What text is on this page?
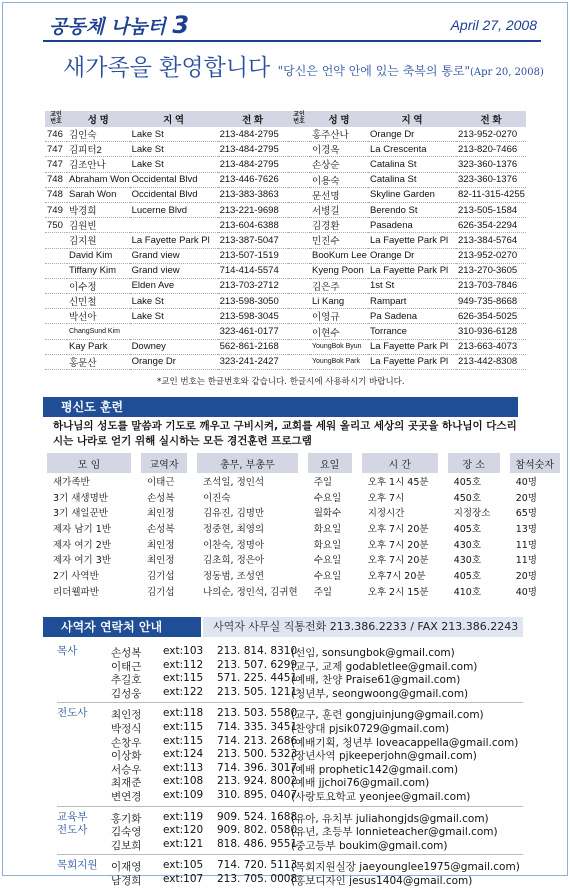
공동체 나눔터 3	April 27, 2008
새가족을 환영합니다 "당신은 언약 안에 있는 축복의 통로"(Apr 20, 2008)
교인
번호	성 명	지 역	전 화
746	김인숙	Lake St	213-484-2795
747	김피터2	Lake St	213-484-2795
747	김조안나	Lake St	213-484-2795
748	Abraham Won	Occidental Blvd	213-446-7626
748	Sarah Won	Occidental Blvd	213-383-3863
749	박경희	Lucerne Blvd	213-221-9698
750	김원빈		213-604-6388
	김지원	La Fayette Park Pl	213-387-5047
	David Kim	Grand view	213-507-1519
	Tiffany Kim	Grand view	714-414-5574
	이수정	Elden Ave	213-703-2712
	신민철	Lake St	213-598-3050
	박선아	Lake St	213-598-3045
	ChangSund Kim		323-461-0177
	Kay Park	Downey	562-861-2168
	홍문산	Orange Dr	323-241-2427
교인
번호	성 명	지 역	전 화
	홍주산나	Orange Dr	213-952-0270
	이경옥	La Crescenta	213-820-7466
	손상순	Catalina St	323-360-1376
	이용숙	Catalina St	323-360-1376
	문선명	Skyline Garden	82-11-315-4255
	서병길	Berendo St	213-505-1584
	김경환	Pasadena	626-354-2294
	민진수	La Fayette Park Pl	213-384-5764
	BooKum Lee	Orange Dr	213-952-0270
	Kyeng Poon	La Fayette Park Pl	213-270-3605
	김은주	1st St	213-703-7846
	Li Kang	Rampart	949-735-8668
	이영규	Pa Sadena	626-354-5025
	이현수	Torrance	310-936-6128
	YoungBok Byun	La Fayette Park Pl	213-663-4073
	YoungBok Park	La Fayette Park Pl	213-442-8308
*교인 번호는 한글번호와 같습니다. 한글시에 사용하시기 바랍니다.
평신도 훈련
하나님의 성도를 말씀과 기도로 깨우고 구비시켜, 교회를 세워 올리고 세상의 곳곳을 하나님이 다스리시는 나라로 얻기 위해 실시하는 모든 경건훈련 프로그램
모 임		교역자		총무, 부총무		요일		시 간		장 소		참석숫자
새가족반		이태근		조석일, 정인석		주일		오후 1시 45분		405호		40명
3기 새생명반		손성복		이진숙		수요일		오후 7시		450호		20명
3기 새일꾼반		최인정		김유진, 김명만		월화수		지정시간		지정장소		65명
제자 남기 1반		손성복		정중현, 최영의		화요일		오후 7시 20분		405호		13명
제자 여기 2반		최인정		이찬숙, 정명아		화요일		오후 7시 20분		430호		11명
제자 여기 3반		최인정		김초희, 정은아		수요일		오후 7시 20분		430호		11명
2기 사역반		김기섭		정동범, 조성연		수요일		오후7시 20분		405호		20명
리더웰파반		김기섭		나의순, 정인석, 김귀현		주일		오후 2시 15분		410호		40명
사역자 연락처 안내	사역자 사무실 직통전화 213.386.2233 / FAX 213.386.2243
목사	손성복 ext:103 213. 814. 8310
(선임, sonsungbok@gmail.com)
이태근 ext:112 213. 507. 6299
(교구, 교제 godabletlee@gmail.com)
추길호 ext:115 571. 225. 4451
(예배, 찬양 Praise61@gmail.com)
김성웅 ext:122 213. 505. 1211
(청년부, seongwoong@gmail.com)
전도사 최인정 ext:118 213. 503. 5580
(교구, 훈련 gongjuinjung@gmail.com)
박정식 ext:115 714. 335. 3451
(찬양대 pjsik0729@gmail.com)
손창우 ext:115 714. 213. 2686
(예배기획, 청년부 loveacappella@gmail.com)
이상화 ext:124 213. 500. 5323
(장년사역 pjkeeperjohn@gmail.com)
서승우 ext:113 714. 396. 3017
(예배 prophetic142@gmail.com)
최재준 ext:108 213. 924. 8002
(예배 jjchoi76@gmail.com)
변연경 ext:109 310. 895. 0407
(사랑토요학교 yeonjee@gmail.com)
교육부
전도사
홍기화 ext:119 909. 524. 1688
(유아, 유치부 juliahongjds@gmail.com)
김숙영 ext:120 909. 802. 0580
(유년, 초등부 lonnieteacher@gmail.com)
김보희 ext:121 818. 486. 9551
(중고등부 boukim@gmail.com)
목회지원 이재영 ext:105 714. 720. 5113
(목회지원실장 jaeyounglee1975@gmail.com)
남경희 ext:107 213. 705. 0008
(홍보디자인 jesus1404@gmail.com)
